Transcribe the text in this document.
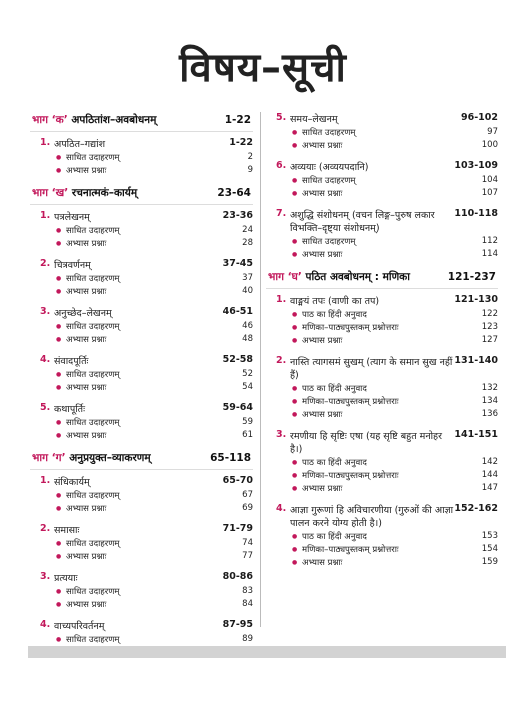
विषय–सूची
भाग ‘क’ अपठितांश–अवबोधनम्	1-22
1. अपठित–गद्यांश	1-22
● साधित उदाहरणम्	2
● अभ्यास प्रश्नाः	9
भाग ‘ख’ रचनात्मकं–कार्यम्	23-64
1. पत्रलेखनम्	23-36
● साधित उदाहरणम्	24
● अभ्यास प्रश्नाः	28
2. चित्रवर्णनम्	37-45
● साधित उदाहरणम्	37
● अभ्यास प्रश्नाः	40
3. अनुच्छेद–लेखनम्	46-51
● साधित उदाहरणम्	46
● अभ्यास प्रश्नाः	48
4. संवादपूर्तिः	52-58
● साधित उदाहरणम्	52
● अभ्यास प्रश्नाः	54
5. कथापूर्तिः	59-64
● साधित उदाहरणम्	59
● अभ्यास प्रश्नाः	61
भाग ‘ग’ अनुप्रयुक्त–व्याकरणम्	65-118
1. संधिकार्यम्	65-70
● साधित उदाहरणम्	67
● अभ्यास प्रश्नाः	69
2. समासाः	71-79
● साधित उदाहरणम्	74
● अभ्यास प्रश्नाः	77
3. प्रत्ययाः	80-86
● साधित उदाहरणम्	83
● अभ्यास प्रश्नाः	84
4. वाच्यपरिवर्तनम्	87-95
● साधित उदाहरणम्	89
5. समय–लेखनम्	96-102
● साधित उदाहरणम्	97
● अभ्यास प्रश्नाः	100
6. अव्ययाः (अव्ययपदानि)	103-109
● साधित उदाहरणम्	104
● अभ्यास प्रश्नाः	107
7. अशुद्धि संशोधनम् (वचन लिङ्ग–पुरुष लकार विभक्ति–दृष्ट्या संशोधनम्)
110-118
● साधित उदाहरणम्	112
● अभ्यास प्रश्नाः	114
भाग ‘घ’ पठित अवबोधनम् : मणिका	121-237
1. वाङ्मयं तपः (वाणी का तप)	121-130
● पाठ का हिंदी अनुवाद	122
● मणिका–पाठ्यपुस्तकम् प्रश्नोत्तराः	123
● अभ्यास प्रश्नाः	127
2. नास्ति त्यागसमं सुखम् (त्याग के समान सुख नहीं हैं)
131-140
● पाठ का हिंदी अनुवाद	132
● मणिका–पाठ्यपुस्तकम् प्रश्नोत्तराः	134
● अभ्यास प्रश्नाः	136
3. रमणीया हि सृष्टिः एषा (यह सृष्टि बहुत मनोहर है।)
141-151
● पाठ का हिंदी अनुवाद	142
● मणिका–पाठ्यपुस्तकम् प्रश्नोत्तराः	144
● अभ्यास प्रश्नाः	147
4. आज्ञा गुरूणां हि अविचारणीया (गुरुओं की आज्ञा पालन करने योग्य होती है।)
152-162
● पाठ का हिंदी अनुवाद	153
● मणिका–पाठ्यपुस्तकम् प्रश्नोत्तराः	154
● अभ्यास प्रश्नाः	159
